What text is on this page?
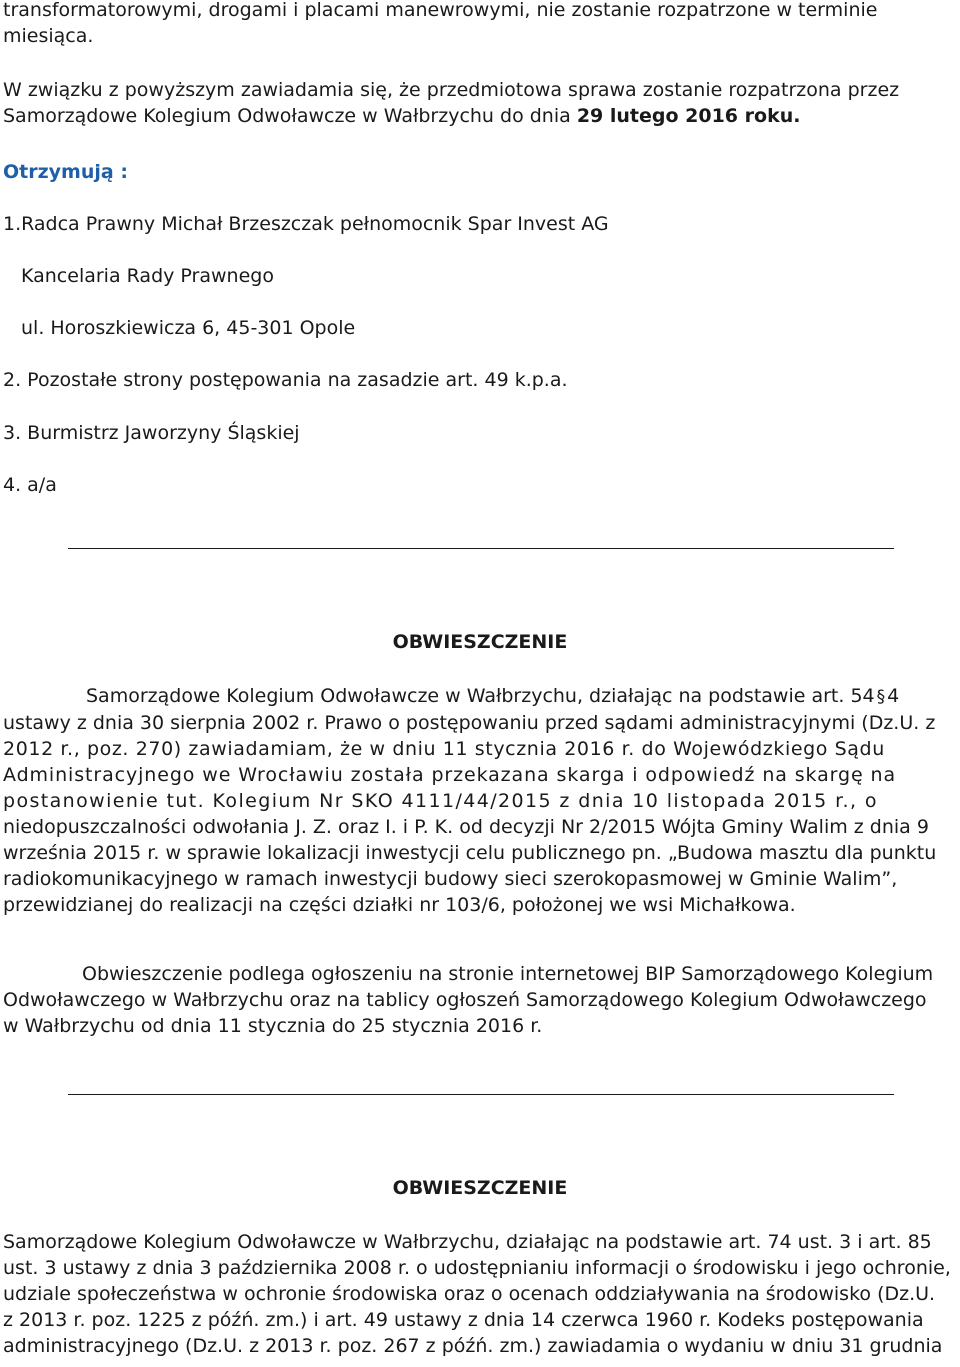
transformatorowymi, drogami i placami manewrowymi, nie zostanie rozpatrzone w terminie
miesiąca.
W związku z powyższym zawiadamia się, że przedmiotowa sprawa zostanie rozpatrzona przez
Samorządowe Kolegium Odwoławcze w Wałbrzychu do dnia 29 lutego 2016 roku.
Otrzymują :
1.Radca Prawny Michał Brzeszczak pełnomocnik Spar Invest AG
Kancelaria Rady Prawnego
ul. Horoszkiewicza 6, 45-301 Opole
2. Pozostałe strony postępowania na zasadzie art. 49 k.p.a.
3. Burmistrz Jaworzyny Śląskiej
4. a/a
OBWIESZCZENIE
Samorządowe Kolegium Odwoławcze w Wałbrzychu, działając na podstawie art. 54 § 4
ustawy z dnia 30 sierpnia 2002 r. Prawo o postępowaniu przed sądami administracyjnymi (Dz.U. z
2012 r., poz. 270) zawiadamiam, że w dniu 11 stycznia 2016 r. do Wojewódzkiego Sądu
Administracyjnego we Wrocławiu została przekazana skarga i odpowiedź na skargę na
postanowienie tut. Kolegium Nr SKO 4111/44/2015 z dnia 10 listopada 2015 r., o
niedopuszczalności odwołania J. Z. oraz I. i P. K. od decyzji Nr 2/2015 Wójta Gminy Walim z dnia 9
września 2015 r. w sprawie lokalizacji inwestycji celu publicznego pn. „Budowa masztu dla punktu
radiokomunikacyjnego w ramach inwestycji budowy sieci szerokopasmowej w Gminie Walim”,
przewidzianej do realizacji na części działki nr 103/6, położonej we wsi Michałkowa.
Obwieszczenie podlega ogłoszeniu na stronie internetowej BIP Samorządowego Kolegium
Odwoławczego w Wałbrzychu oraz na tablicy ogłoszeń Samorządowego Kolegium Odwoławczego
w Wałbrzychu od dnia 11 stycznia do 25 stycznia 2016 r.
OBWIESZCZENIE
Samorządowe Kolegium Odwoławcze w Wałbrzychu, działając na podstawie art. 74 ust. 3 i art. 85
ust. 3 ustawy z dnia 3 października 2008 r. o udostępnianiu informacji o środowisku i jego ochronie,
udziale społeczeństwa w ochronie środowiska oraz o ocenach oddziaływania na środowisko (Dz.U.
z 2013 r. poz. 1225 z późń. zm.) i art. 49 ustawy z dnia 14 czerwca 1960 r. Kodeks postępowania
administracyjnego (Dz.U. z 2013 r. poz. 267 z późń. zm.) zawiadamia o wydaniu w dniu 31 grudnia
